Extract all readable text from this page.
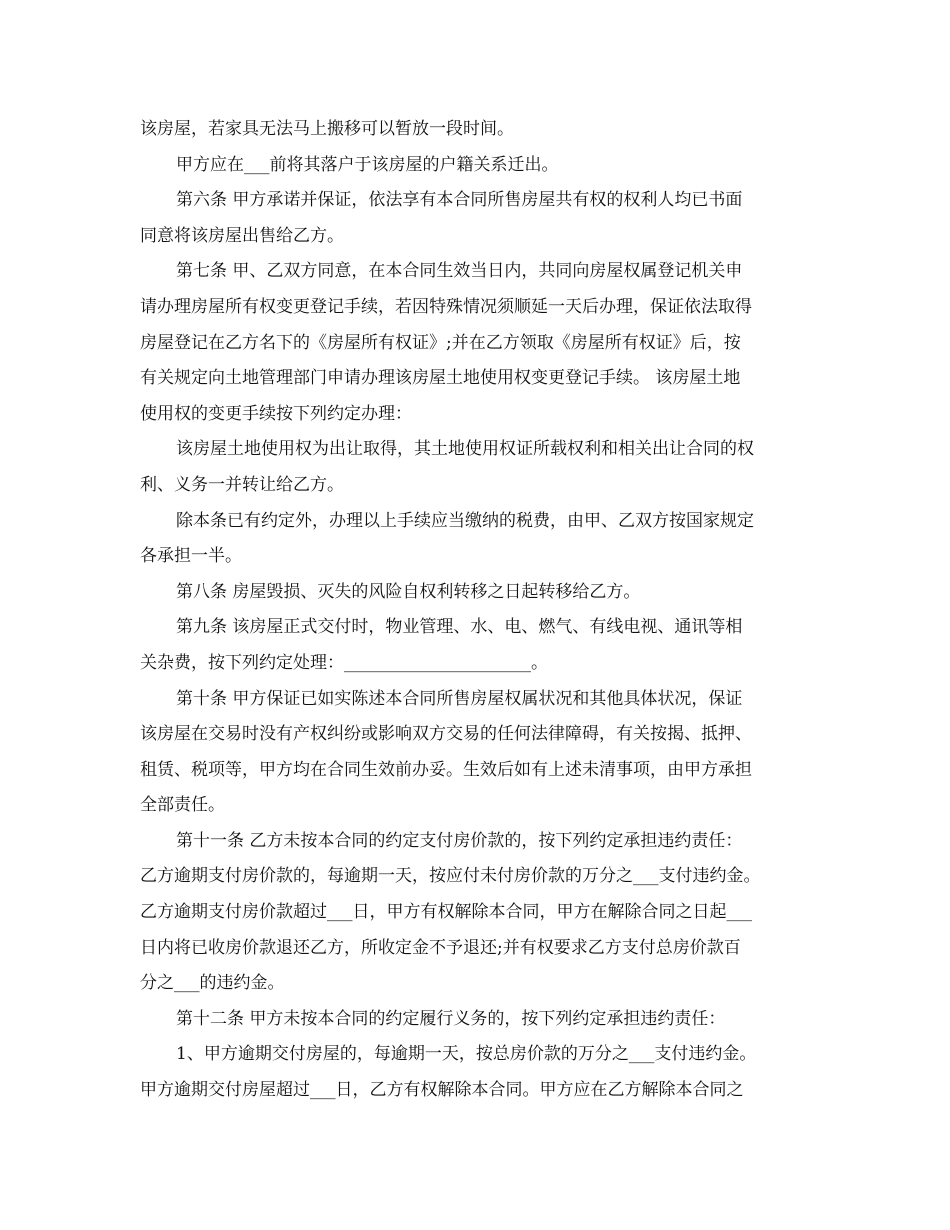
该房屋，若家具无法马上搬移可以暂放一段时间。
甲方应在___前将其落户于该房屋的户籍关系迁出。
第六条 甲方承诺并保证，依法享有本合同所售房屋共有权的权利人均已书面
同意将该房屋出售给乙方。
第七条 甲、乙双方同意，在本合同生效当日内，共同向房屋权属登记机关申
请办理房屋所有权变更登记手续，若因特殊情况须顺延一天后办理，保证依法取得
房屋登记在乙方名下的《房屋所有权证》;并在乙方领取《房屋所有权证》后，按
有关规定向土地管理部门申请办理该房屋土地使用权变更登记手续。 该房屋土地
使用权的变更手续按下列约定办理：
该房屋土地使用权为出让取得，其土地使用权证所载权利和相关出让合同的权
利、义务一并转让给乙方。
除本条已有约定外，办理以上手续应当缴纳的税费，由甲、乙双方按国家规定
各承担一半。
第八条 房屋毁损、灭失的风险自权利转移之日起转移给乙方。
第九条 该房屋正式交付时，物业管理、水、电、燃气、有线电视、通讯等相
关杂费，按下列约定处理：______________________。
第十条 甲方保证已如实陈述本合同所售房屋权属状况和其他具体状况，保证
该房屋在交易时没有产权纠纷或影响双方交易的任何法律障碍，有关按揭、抵押、
租赁、税项等，甲方均在合同生效前办妥。生效后如有上述未清事项，由甲方承担
全部责任。
第十一条 乙方未按本合同的约定支付房价款的，按下列约定承担违约责任：
乙方逾期支付房价款的，每逾期一天，按应付未付房价款的万分之___支付违约金。
乙方逾期支付房价款超过___日，甲方有权解除本合同，甲方在解除合同之日起___
日内将已收房价款退还乙方，所收定金不予退还;并有权要求乙方支付总房价款百
分之___的违约金。
第十二条 甲方未按本合同的约定履行义务的，按下列约定承担违约责任：
1、甲方逾期交付房屋的，每逾期一天，按总房价款的万分之___支付违约金。
甲方逾期交付房屋超过___日，乙方有权解除本合同。甲方应在乙方解除本合同之
